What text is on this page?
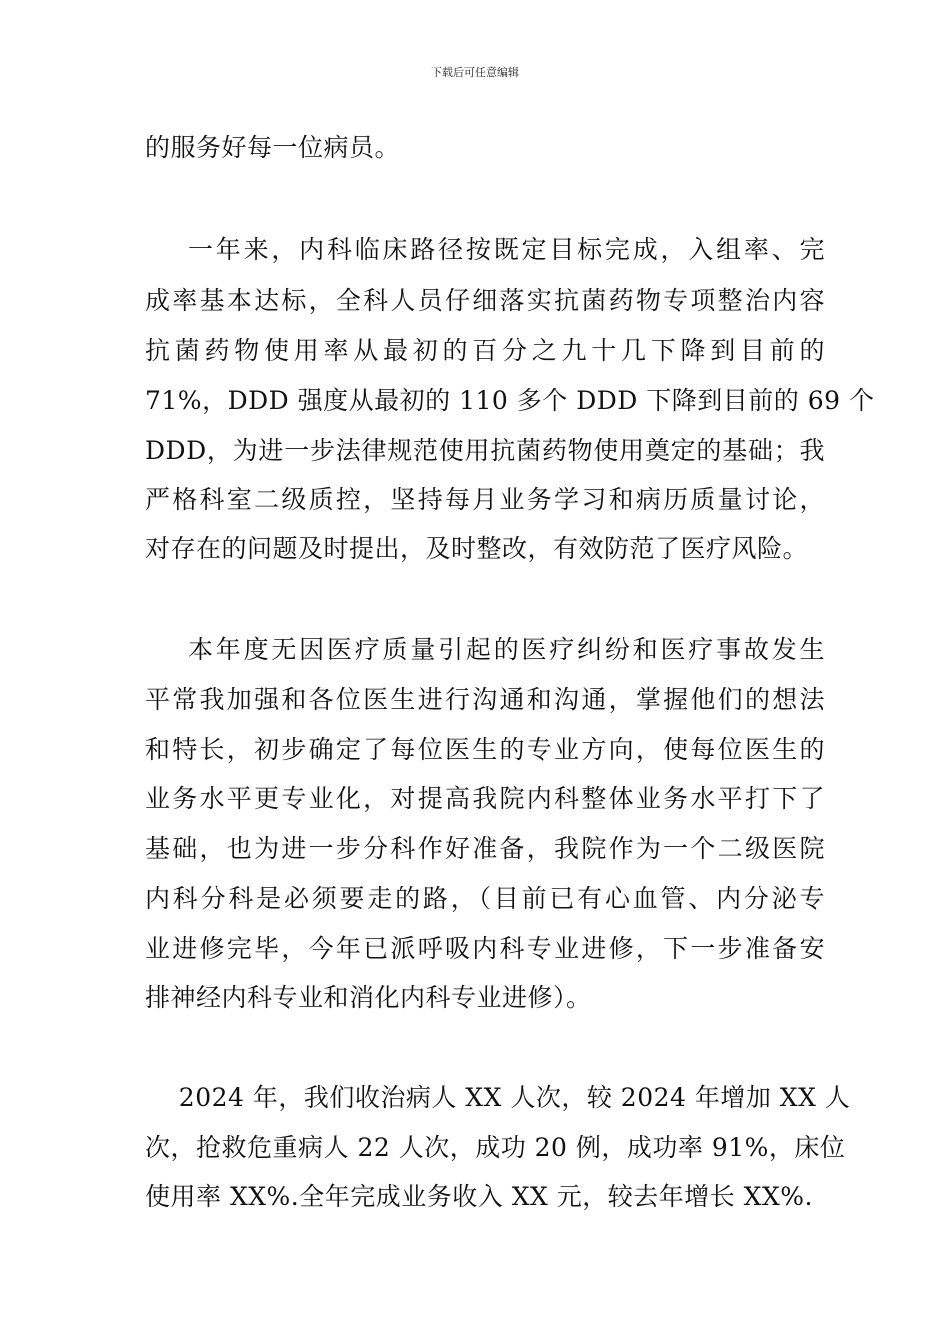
下载后可任意编辑
的服务好每一位病员。
一年来，内科临床路径按既定目标完成，入组率、完
成率基本达标，全科人员仔细落实抗菌药物专项整治内容
抗菌药物使用率从最初的百分之九十几下降到目前的
71%，DDD 强度从最初的 110 多个 DDD 下降到目前的 69 个
DDD，为进一步法律规范使用抗菌药物使用奠定的基础；我
严格科室二级质控，坚持每月业务学习和病历质量讨论，
对存在的问题及时提出，及时整改，有效防范了医疗风险。
本年度无因医疗质量引起的医疗纠纷和医疗事故发生
平常我加强和各位医生进行沟通和沟通，掌握他们的想法
和特长，初步确定了每位医生的专业方向，使每位医生的
业务水平更专业化，对提高我院内科整体业务水平打下了
基础，也为进一步分科作好准备，我院作为一个二级医院
内科分科是必须要走的路，（目前已有心血管、内分泌专
业进修完毕，今年已派呼吸内科专业进修，下一步准备安
排神经内科专业和消化内科专业进修）。
2024 年，我们收治病人 XX 人次，较 2024 年增加 XX 人
次，抢救危重病人 22 人次，成功 20 例，成功率 91%，床位
使用率 XX%.全年完成业务收入 XX 元，较去年增长 XX%.
